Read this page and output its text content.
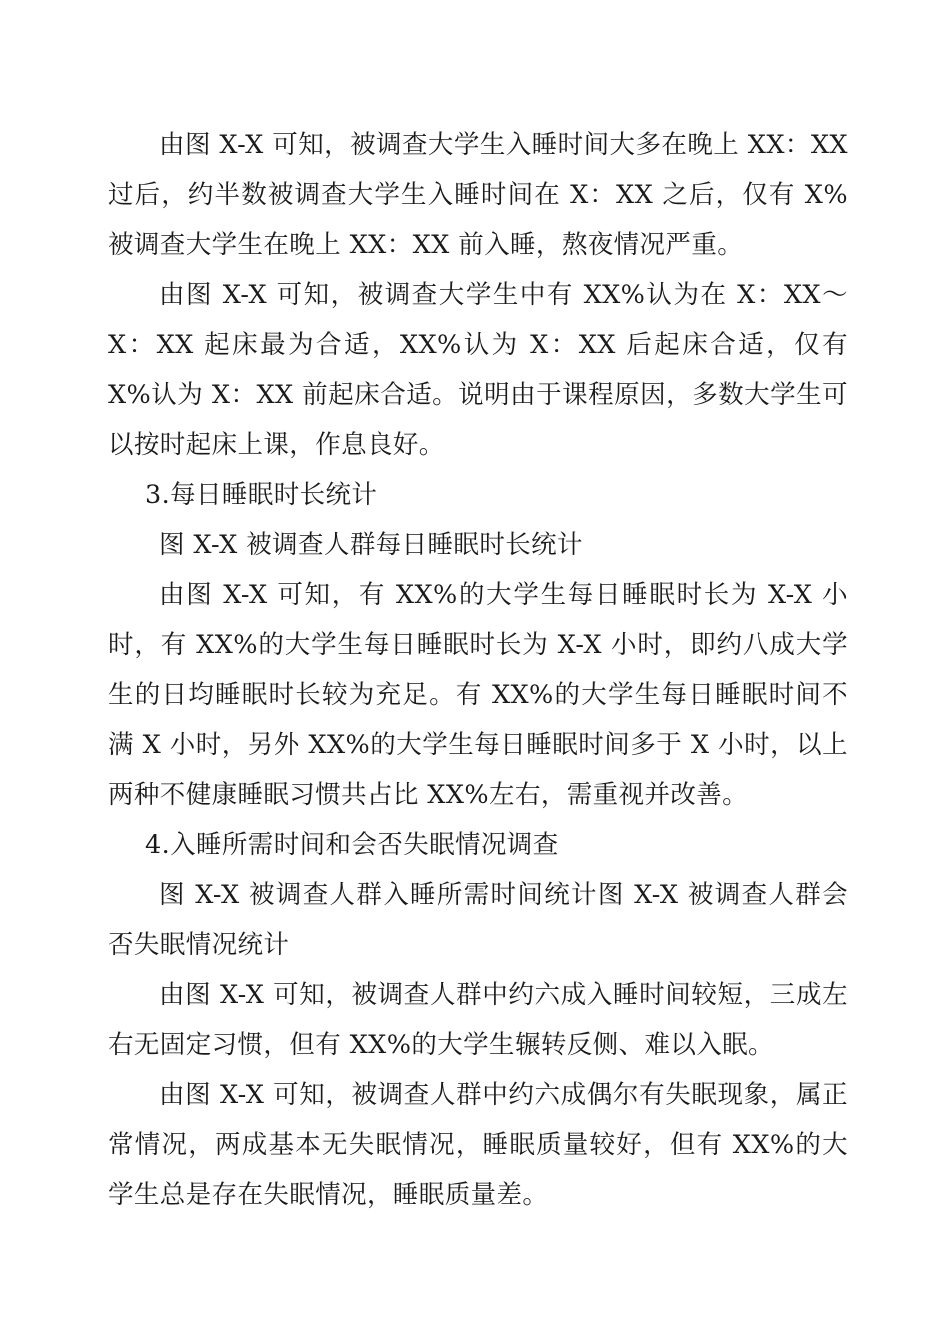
由图 X-X 可知，被调查大学生入睡时间大多在晚上 XX：XX 过后，约半数被调查大学生入睡时间在 X：XX 之后，仅有 X%被调查大学生在晚上 XX：XX 前入睡，熬夜情况严重。

由图 X-X 可知，被调查大学生中有 XX%认为在 X：XX～X：XX 起床最为合适，XX%认为 X：XX 后起床合适，仅有 X%认为 X：XX 前起床合适。说明由于课程原因，多数大学生可以按时起床上课，作息良好。

3.每日睡眠时长统计

图 X-X 被调查人群每日睡眠时长统计

由图 X-X 可知，有 XX%的大学生每日睡眠时长为 X-X 小时，有 XX%的大学生每日睡眠时长为 X-X 小时，即约八成大学生的日均睡眠时长较为充足。有 XX%的大学生每日睡眠时间不满 X 小时，另外 XX%的大学生每日睡眠时间多于 X 小时，以上两种不健康睡眠习惯共占比 XX%左右，需重视并改善。

4.入睡所需时间和会否失眠情况调查

图 X-X 被调查人群入睡所需时间统计图 X-X 被调查人群会否失眠情况统计

由图 X-X 可知，被调查人群中约六成入睡时间较短，三成左右无固定习惯，但有 XX%的大学生辗转反侧、难以入眠。

由图 X-X 可知，被调查人群中约六成偶尔有失眠现象，属正常情况，两成基本无失眠情况，睡眠质量较好，但有 XX%的大学生总是存在失眠情况，睡眠质量差。
